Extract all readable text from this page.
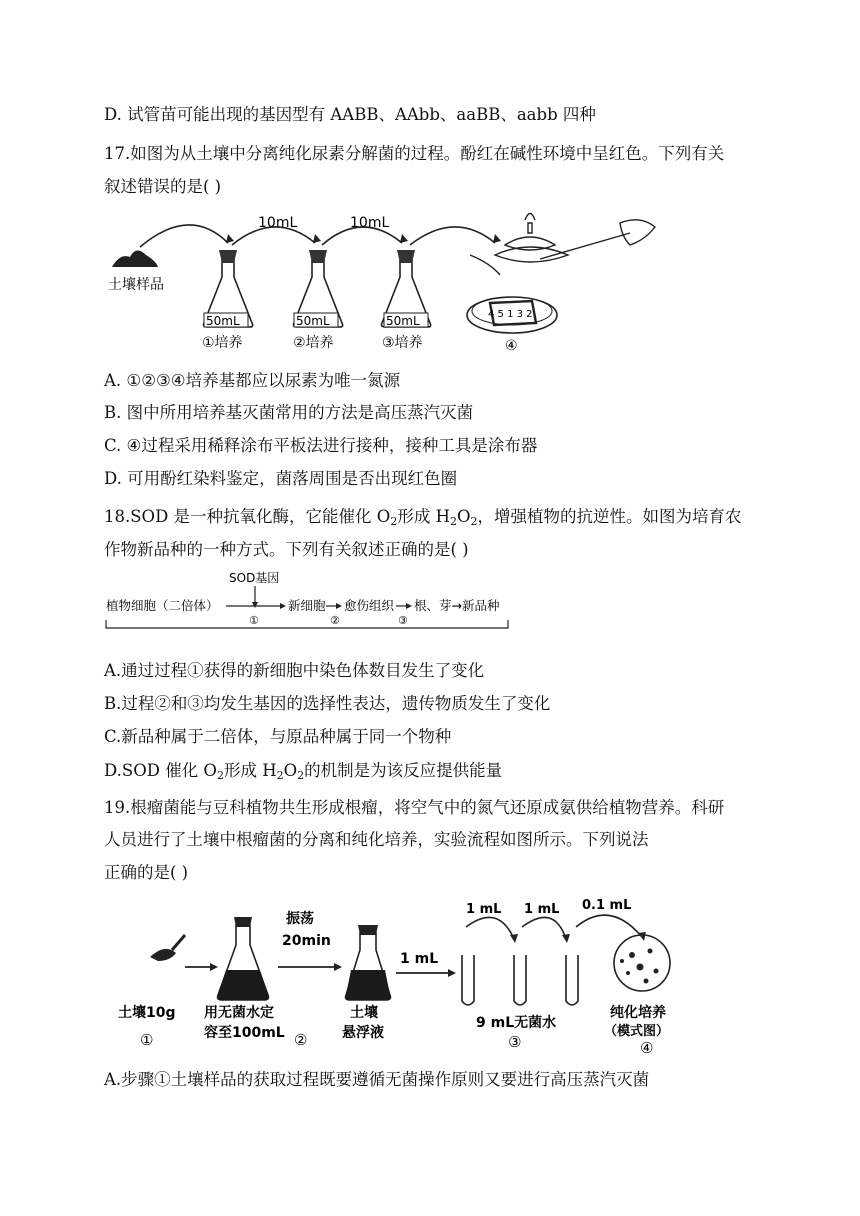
D. 试管苗可能出现的基因型有 AABB、AAbb、aaBB、aabb 四种
17.如图为从土壤中分离纯化尿素分解菌的过程。酚红在碱性环境中呈红色。下列有关
叙述错误的是( )
土壤样品
10mL	10mL
50mL
①培养
50mL
②培养
50mL
③培养
4 5 1 3 2
④
A. ①②③④培养基都应以尿素为唯一氮源
B. 图中所用培养基灭菌常用的方法是高压蒸汽灭菌
C. ④过程采用稀释涂布平板法进行接种，接种工具是涂布器
D. 可用酚红染料鉴定，菌落周围是否出现红色圈
18.SOD 是一种抗氧化酶，它能催化 $O_2$形成 $H_2O_2$，增强植物的抗逆性。如图为培育农
作物新品种的一种方式。下列有关叙述正确的是( )
SOD基因
植物细胞（二倍体）
①
新细胞
②
愈伤组织
③
根、芽→新品种
A.通过过程①获得的新细胞中染色体数目发生了变化
B.过程②和③均发生基因的选择性表达，遗传物质发生了变化
C.新品种属于二倍体，与原品种属于同一个物种
D.SOD 催化 $O_2$形成 $H_2O_2$的机制是为该反应提供能量
19.根瘤菌能与豆科植物共生形成根瘤，将空气中的氮气还原成氨供给植物营养。科研
人员进行了土壤中根瘤菌的分离和纯化培养，实验流程如图所示。下列说法
正确的是( )
土壤10g
①
用无菌水定
容至100mL ②
振荡
20min
土壤
悬浮液
1 mL
1 mL 1 mL 0.1 mL
9 mL无菌水
③
纯化培养
（模式图）
④
A.步骤①土壤样品的获取过程既要遵循无菌操作原则又要进行高压蒸汽灭菌
